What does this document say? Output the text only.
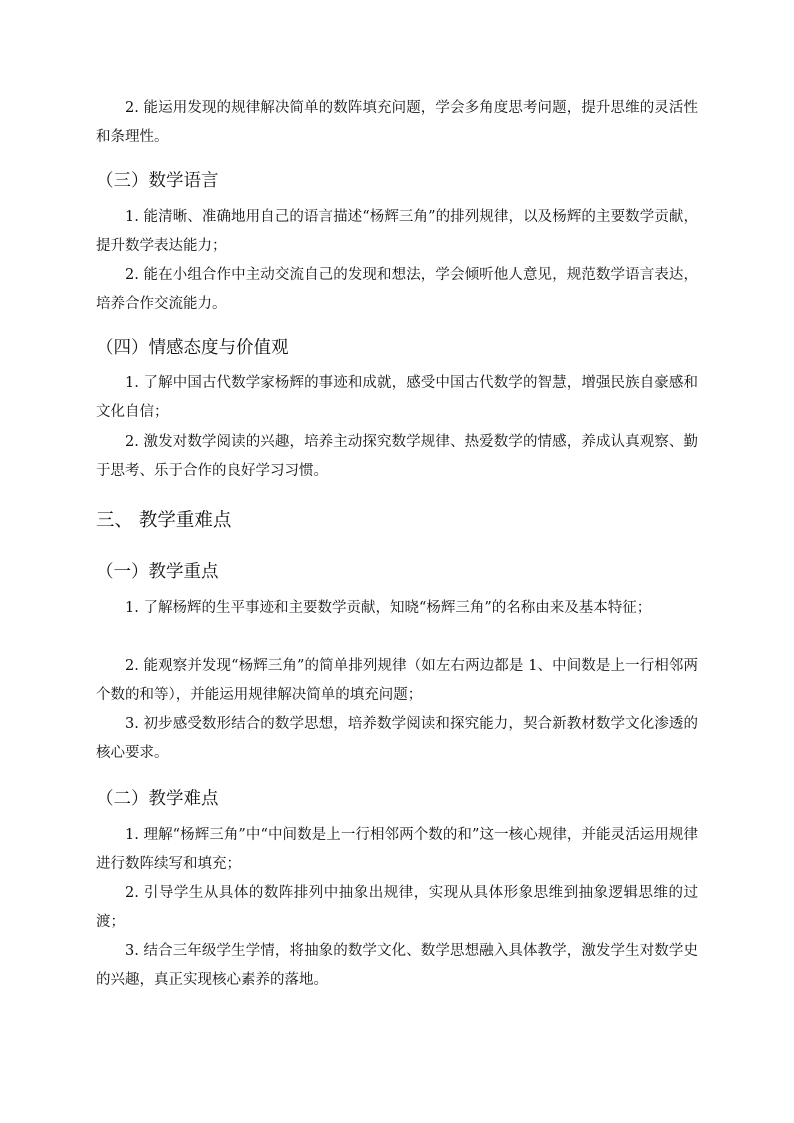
2. 能运用发现的规律解决简单的数阵填充问题，学会多角度思考问题，提升思维的灵活性和条理性。

（三）数学语言

1. 能清晰、准确地用自己的语言描述“杨辉三角”的排列规律，以及杨辉的主要数学贡献，提升数学表达能力；

2. 能在小组合作中主动交流自己的发现和想法，学会倾听他人意见，规范数学语言表达，培养合作交流能力。

（四）情感态度与价值观

1. 了解中国古代数学家杨辉的事迹和成就，感受中国古代数学的智慧，增强民族自豪感和文化自信；

2. 激发对数学阅读的兴趣，培养主动探究数学规律、热爱数学的情感，养成认真观察、勤于思考、乐于合作的良好学习习惯。

三、 教学重难点
（一）教学重点

1. 了解杨辉的生平事迹和主要数学贡献，知晓“杨辉三角”的名称由来及基本特征；

2. 能观察并发现“杨辉三角”的简单排列规律（如左右两边都是 1、中间数是上一行相邻两个数的和等），并能运用规律解决简单的填充问题；

3. 初步感受数形结合的数学思想，培养数学阅读和探究能力，契合新教材数学文化渗透的核心要求。

（二）教学难点

1. 理解“杨辉三角”中“中间数是上一行相邻两个数的和”这一核心规律，并能灵活运用规律进行数阵续写和填充；

2. 引导学生从具体的数阵排列中抽象出规律，实现从具体形象思维到抽象逻辑思维的过渡；

3. 结合三年级学生学情，将抽象的数学文化、数学思想融入具体教学，激发学生对数学史的兴趣，真正实现核心素养的落地。
